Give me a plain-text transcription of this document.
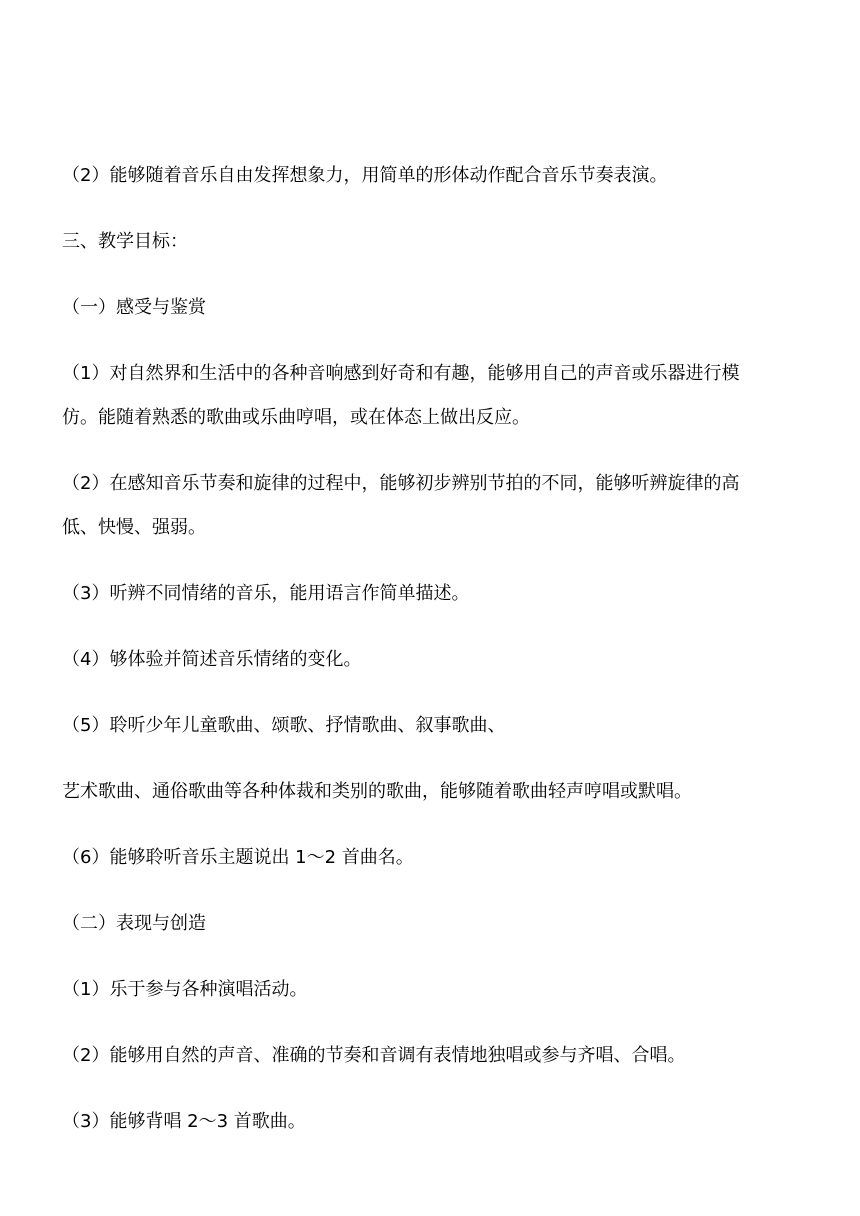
（2）能够随着音乐自由发挥想象力，用简单的形体动作配合音乐节奏表演。
三、教学目标：
（一）感受与鉴赏
（1）对自然界和生活中的各种音响感到好奇和有趣，能够用自己的声音或乐器进行模
仿。能随着熟悉的歌曲或乐曲哼唱，或在体态上做出反应。
（2）在感知音乐节奏和旋律的过程中，能够初步辨别节拍的不同，能够听辨旋律的高
低、快慢、强弱。
（3）听辨不同情绪的音乐，能用语言作简单描述。
（4）够体验并简述音乐情绪的变化。
（5）聆听少年儿童歌曲、颂歌、抒情歌曲、叙事歌曲、
艺术歌曲、通俗歌曲等各种体裁和类别的歌曲，能够随着歌曲轻声哼唱或默唱。
（6）能够聆听音乐主题说出 1～2 首曲名。
（二）表现与创造
（1）乐于参与各种演唱活动。
（2）能够用自然的声音、准确的节奏和音调有表情地独唱或参与齐唱、合唱。
（3）能够背唱 2～3 首歌曲。
